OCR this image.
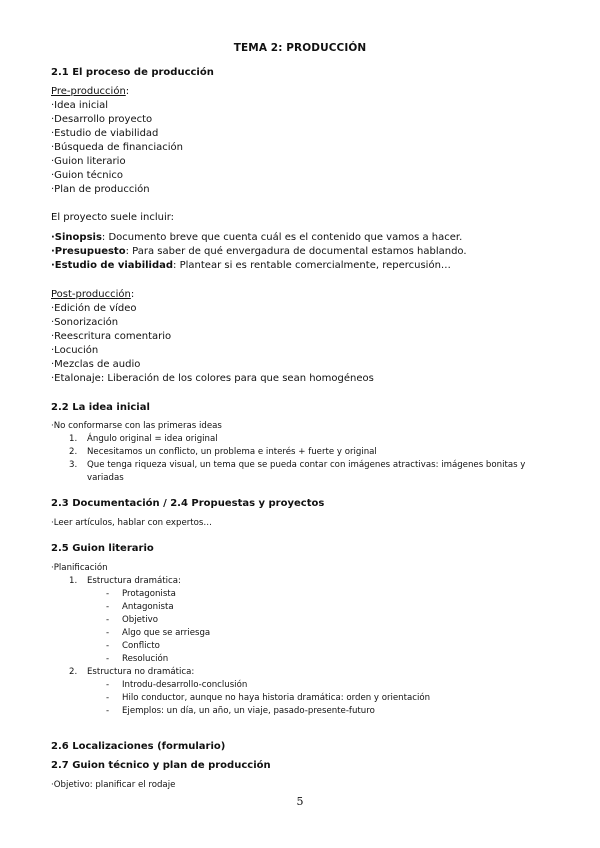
TEMA 2: PRODUCCIÓN
2.1 El proceso de producción
Pre-producción:
·Idea inicial
·Desarrollo proyecto
·Estudio de viabilidad
·Búsqueda de financiación
·Guion literario
·Guion técnico
·Plan de producción
El proyecto suele incluir:
·Sinopsis: Documento breve que cuenta cuál es el contenido que vamos a hacer.
·Presupuesto: Para saber de qué envergadura de documental estamos hablando.
·Estudio de viabilidad: Plantear si es rentable comercialmente, repercusión…
Post-producción:
·Edición de vídeo
·Sonorización
·Reescritura comentario
·Locución
·Mezclas de audio
·Etalonaje: Liberación de los colores para que sean homogéneos
2.2 La idea inicial
·No conformarse con las primeras ideas
1. Ángulo original = idea original
2. Necesitamos un conflicto, un problema e interés + fuerte y original
3. Que tenga riqueza visual, un tema que se pueda contar con imágenes atractivas: imágenes bonitas y
variadas
2.3 Documentación / 2.4 Propuestas y proyectos
·Leer artículos, hablar con expertos…
2.5 Guion literario
·Planificación
1. Estructura dramática:
- Protagonista
- Antagonista
- Objetivo
- Algo que se arriesga
- Conflicto
- Resolución
2. Estructura no dramática:
- Introdu-desarrollo-conclusión
- Hilo conductor, aunque no haya historia dramática: orden y orientación
- Ejemplos: un día, un año, un viaje, pasado-presente-futuro
2.6 Localizaciones (formulario)
2.7 Guion técnico y plan de producción
·Objetivo: planificar el rodaje
5
